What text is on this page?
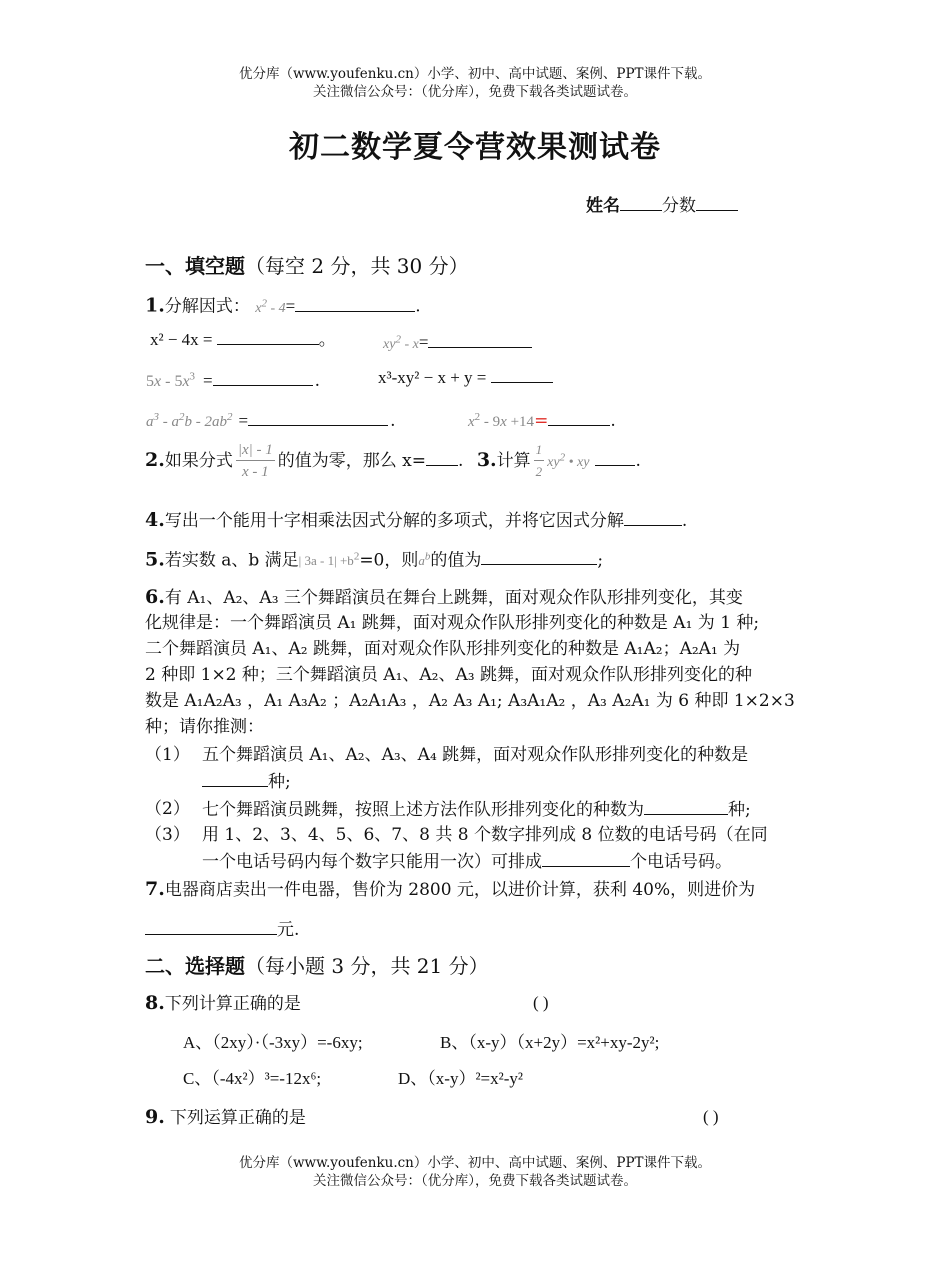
优分库（www.youfenku.cn）小学、初中、高中试题、案例、PPT课件下载。
关注微信公众号：（优分库），免费下载各类试题试卷。
初二数学夏令营效果测试卷
姓名 分数
一、填空题（每空 2 分，共 30 分）
1.分解因式： $x^2 - 4=$	.
x² − 4x =	。	$xy^2 - x=$
$5x - 5x^3$ =	.	x³-xy² − x + y =
$a^3 - a^2b - 2ab^2$ =	.	$x^2 - 9x +14=$	.
2.如果分式 $\frac{|x| - 1}{x - 1}$ 的值为零，那么 x= . 3.计算 $\frac{1}{2} xy^2$ • xy	.
4.写出一个能用十字相乘法因式分解的多项式，并将它因式分解	.
5.若实数 a、b 满足| $3a - 1| +b^2=0$，则$a^b$的值为	;
6.有 A₁、A₂、A₃ 三个舞蹈演员在舞台上跳舞，面对观众作队形排列变化，其变
化规律是：一个舞蹈演员 A₁ 跳舞，面对观众作队形排列变化的种数是 A₁ 为 1 种;
二个舞蹈演员 A₁、A₂ 跳舞，面对观众作队形排列变化的种数是 A₁A₂；A₂A₁ 为
2 种即 1×2 种；三个舞蹈演员 A₁、A₂、A₃ 跳舞，面对观众作队形排列变化的种
数是 A₁A₂A₃ ，A₁ A₃A₂ ；A₂A₁A₃ ，A₂ A₃ A₁; A₃A₁A₂ ，A₃ A₂A₁ 为 6 种即 1×2×3
种；请你推测：
（1） 五个舞蹈演员 A₁、A₂、A₃、A₄ 跳舞，面对观众作队形排列变化的种数是
种;
（2） 七个舞蹈演员跳舞，按照上述方法作队形排列变化的种数为	种;
（3） 用 1、2、3、4、5、6、7、8 共 8 个数字排列成 8 位数的电话号码（在同
一个电话号码内每个数字只能用一次）可排成	个电话号码。
7.电器商店卖出一件电器，售价为 2800 元，以进价计算，获利 40%，则进价为
元.
二、选择题（每小题 3 分，共 21 分）
8.下列计算正确的是	( )
A、（2xy）·（-3xy）=-6xy;	B、（x-y）（x+2y）=x²+xy-2y²;
C、（-4x²）³=-12x⁶;	D、（x-y）²=x²-y²
9. 下列运算正确的是	( )
优分库（www.youfenku.cn）小学、初中、高中试题、案例、PPT课件下载。
关注微信公众号：（优分库），免费下载各类试题试卷。
